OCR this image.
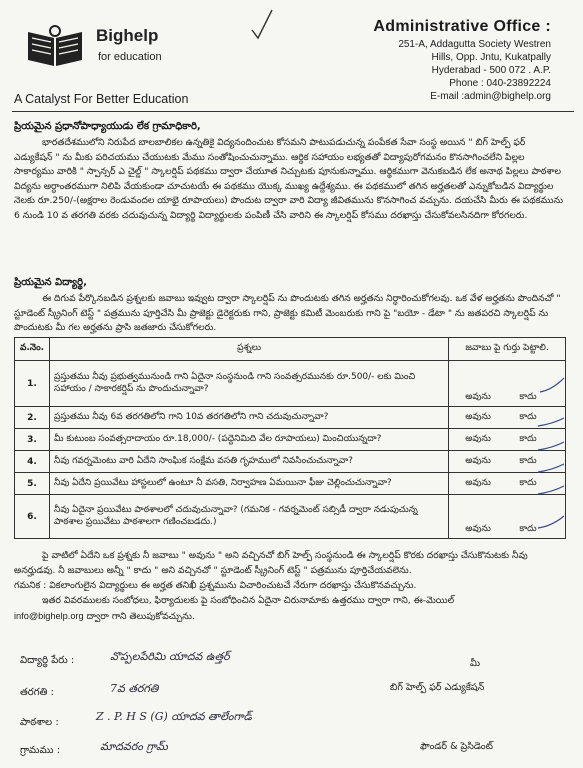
Bighelp
for education
A Catalyst For Better Education
Administrative Office :
251-A, Addagutta Society Westren
Hills, Opp. Jntu, Kukatpally
Hyderabad - 500 072 . A.P.
Phone : 040-23892224
E-mail :admin@bighelp.org
ప్రియమైన ప్రధానోపాధ్యాయుడు లేక గ్రామాధికారి,
భారతదేశములోని నిరుపేద బాలబాలికల ఉన్నతికై విద్యనందించుట కోసమని పాటుపడుచున్న పంపేకత సేవా సంస్థ అయిన " బిగ్ హెల్ప్ ఫర్ ఎడ్యుకేషన్ " ను మీకు పరిచయము చేయుటకు మేము సంతోషించుచున్నాము. ఆర్థిక సహాయం లభ్యతతో విద్యాపురోగమనం కొనసాగించలేని పిల్లల సాకార్యము వారికి " స్పాన్సర్ ఎ చైల్డ్ " స్కాలర్షిప్ పథకము ద్వారా చేయూత నిచ్చుటకు పూనుకున్నాము. ఆర్థికముగా వెనుకబడిన లేక అనాథ పిల్లలు పాఠశాల విద్యను అర్ధాంతరముగా నిలిపి వేయకుండా చూచుటయే ఈ పథకము యొక్క ముఖ్య ఉద్దేశ్యము. ఈ పథకములో తగిన అర్హతలతో ఎన్నుకోబడిన విద్యార్థుల నెలకు రూ.250/-(అక్షరాల రెండువందల యాభై రూపాయలు) పొందుట ద్వారా వారి విద్యా జీవితమును కొనసాగించ వచ్చును. దయచేసి మీరు ఈ పథకమును 6 నుండి 10 వ తరగతి వరకు చదువుచున్న విద్యార్థి విద్యార్థులకు పంపిణీ చేసి వారిని ఈ స్కాలర్షిప్ కోసము దరఖాస్తు చేసుకోవలసినదిగా కోరగలరు.
ప్రియమైన విద్యార్థి,
ఈ దిగువ పేర్కొనబడిన ప్రశ్నలకు జవాబు ఇవ్వుట ద్వారా స్కాలర్షిప్ ను పొందుటకు తగిన అర్హతను నిర్ధారించుకోగలవు. ఒక వేళ అర్హతను పొందినచో " స్టూడెంట్ స్క్రీనింగ్ టెస్ట్ " పత్రమును పూర్తిచేసి మీ ప్రాజెక్టు డైరెక్టరుకు గాని, ప్రాజెక్టు కమిటీ మెంబరుకు గాని పై "బయో - డేటా " ను జతపరచి స్కాలర్షిప్ ను పొందుటకు మీ గల అర్హతను ప్రాసి జతజారు చేసుకోగలరు.
వ.నెం.	ప్రశ్నలు	జవాబు పై గుర్తు పెట్టాలి.
1.	ప్రస్తుతము నీవు ప్రభుత్వమునుండి గాని ఏదైనా సంస్థనుండి గాని సంవత్సరమునకు రూ.500/- లకు మించి సహాయం / సాకారకర్షిప్ ను పొందుచున్నావా?	అవును కాదు
2.	ప్రస్తుతము నీవు 6వ తరగతిలోని గాని 10వ తరగతిలోని గాని చదువుచున్నావా?	అవును కాదు
3.	మీ కుటుంబ సంవత్సరాదాయం రూ.18,000/- (పద్దెనిమిది వేల రూపాయలు) మించియున్నదా?	అవును కాదు
4.	నీవు గవర్నమెంటు వారి ఏదేని సాంఘిక సంక్షేమ వసతి గృహములో నివసించుచున్నావా?	అవును కాదు
5.	నీవు ఏదేని ప్రయివేటు హాస్టలులో ఉంటూ నీ వసతి, నిర్వాహణ ఏమయినా ఫీజు చెల్లించుచున్నావా?	అవును కాదు
6.	నీవు ఏదైనా ప్రయివేటు పాఠశాలలో చదువుచున్నావా? (గమనిక - గవర్నమెంట్ సబ్సిడీ ద్వారా నడుపుచున్న పాఠశాల ప్రయివేటు పాఠశాలగా గణించబడదు.)	అవును కాదు
పై వాటిలో ఏదేని ఒక ప్రశ్నకు నీ జవాబు " అవును " అని వచ్చినచో బిగ్ హెల్ప్ సంస్థనుండి ఈ స్కాలర్షిప్ కొరకు దరఖాస్తు చేసుకొనుటకు నీవు అనర్హుడవు. నీ జవాబులు అన్నీ " కాదు " అని వచ్చినచో " స్టూడెంట్ స్క్రీనింగ్ టెస్ట్ " పత్రమును పూర్తిచేయవలెను.
గమనిక : వికలాంగులైన విద్యార్థులు ఈ అర్హత తనిఖీ ప్రశ్నమును విచారించుటచే నేరుగా దరఖాస్తు చేసుకొనవచ్చును.
ఇతర వివరములకు సంబోధలు, ఫిర్యాదులకు పై సంబోధించిన ఏదైనా చిరునామాకు ఉత్తరము ద్వారా గాని, ఈ-మెయిల్
info@bighelp.org ద్వారా గాని తెలుపుకోవచ్చును.
విద్యార్థి పేరు :	వొప్పలపేరిమి యాదవ ఉత్తర్
తరగతి :	7వ తరగతి
పాఠశాల :	Z . P. H S (G) యాదవ తాలేంగాడ్
గ్రామము :	మాదవరం గ్రామ్
మీ
బిగ్ హెల్ప్ ఫర్ ఎడ్యుకేషన్
ఫౌండర్ & ప్రెసిడెంట్
